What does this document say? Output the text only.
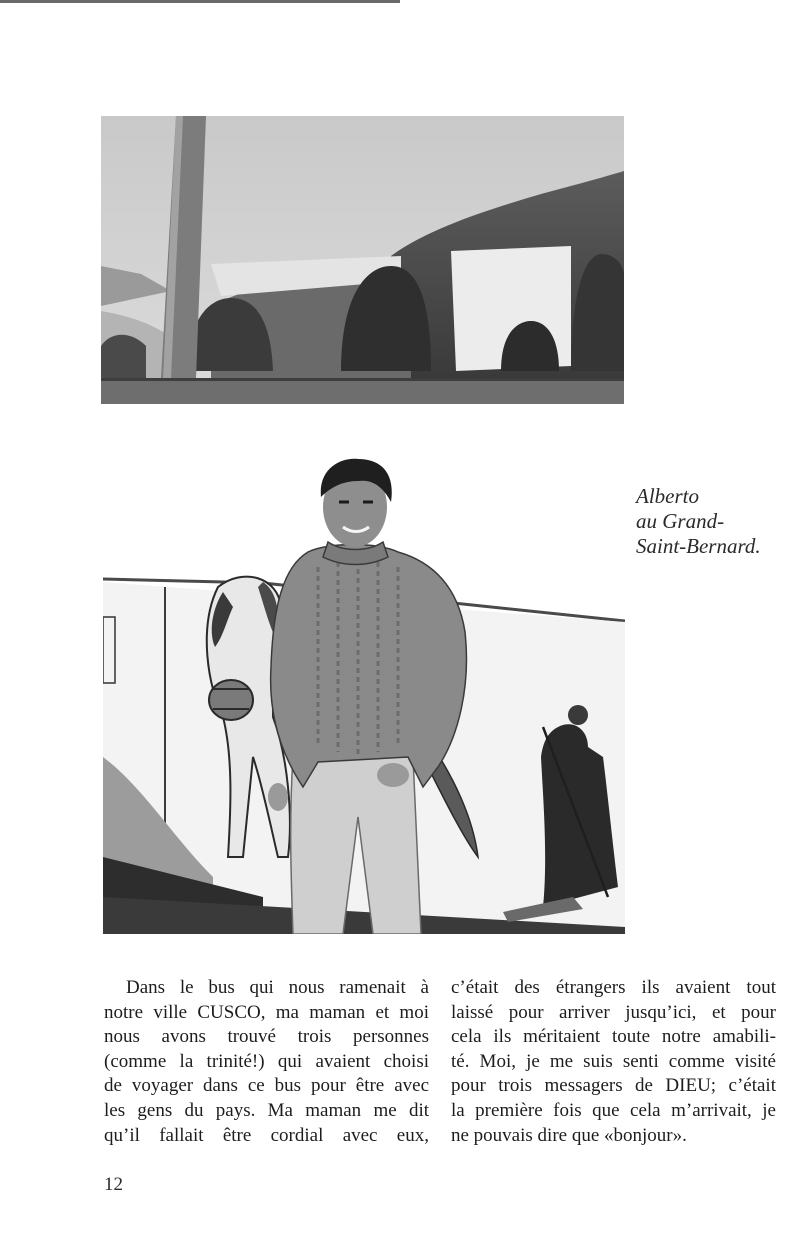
Alberto
au Grand-
Saint-Bernard.
Dans le bus qui nous ramenait à
notre ville CUSCO, ma maman et moi
nous avons trouvé trois personnes
(comme la trinité!) qui avaient choisi
de voyager dans ce bus pour être avec
les gens du pays. Ma maman me dit
qu’il fallait être cordial avec eux,
c’était des étrangers ils avaient tout
laissé pour arriver jusqu’ici, et pour
cela ils méritaient toute notre amabili-
té. Moi, je me suis senti comme visité
pour trois messagers de DIEU; c’était
la première fois que cela m’arrivait, je
ne pouvais dire que «bonjour».
12
